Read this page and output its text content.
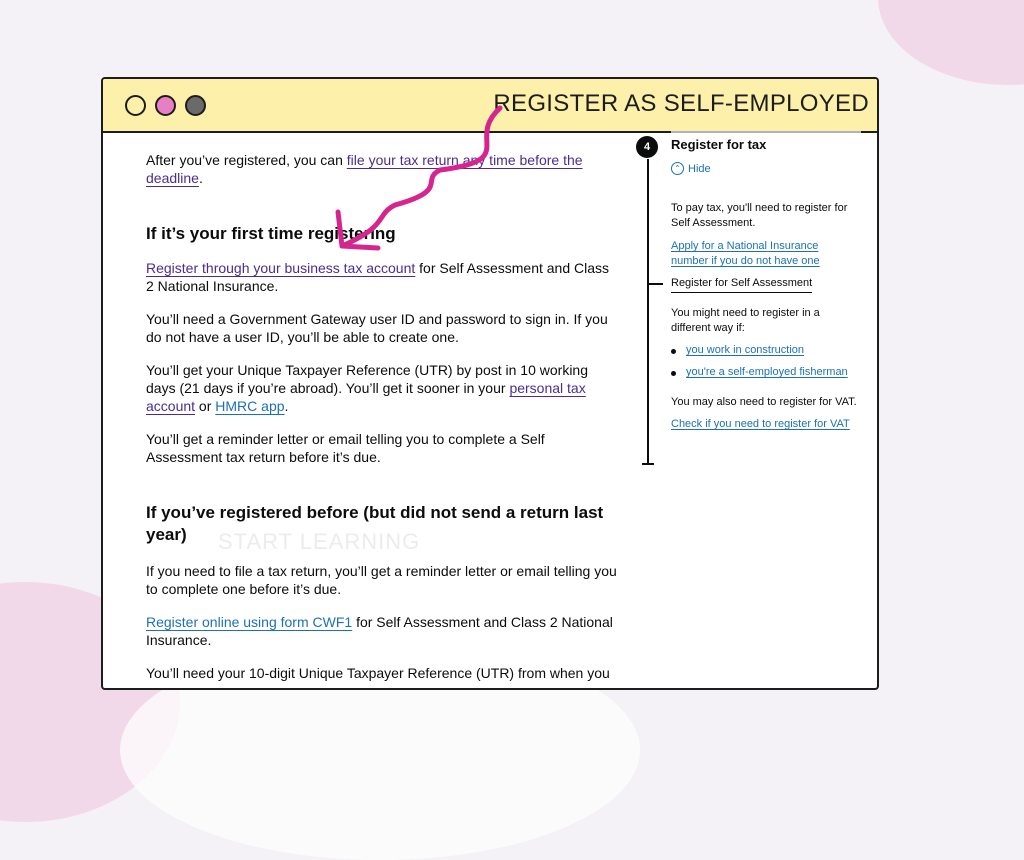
REGISTER AS SELF-EMPLOYED
START LEARNING

After you’ve registered, you can file your tax return any time before the deadline.

If it’s your first time registering

Register through your business tax account for Self Assessment and Class 2 National Insurance.

You’ll need a Government Gateway user ID and password to sign in. If you do not have a user ID, you’ll be able to create one.

You’ll get your Unique Taxpayer Reference (UTR) by post in 10 working days (21 days if you’re abroad). You’ll get it sooner in your personal tax account or HMRC app.

You’ll get a reminder letter or email telling you to complete a Self Assessment tax return before it’s due.

If you’ve registered before (but did not send a return last year)

If you need to file a tax return, you’ll get a reminder letter or email telling you to complete one before it’s due.

Register online using form CWF1 for Self Assessment and Class 2 National Insurance.

You’ll need your 10-digit Unique Taxpayer Reference (UTR) from when you

4	Register for tax
⌃ Hide
To pay tax, you'll need to register for Self Assessment.
Apply for a National Insurance
number if you do not have one
Register for Self Assessment
You might need to register in a different way if:
you work in construction
you're a self-employed fisherman
You may also need to register for VAT.
Check if you need to register for VAT
